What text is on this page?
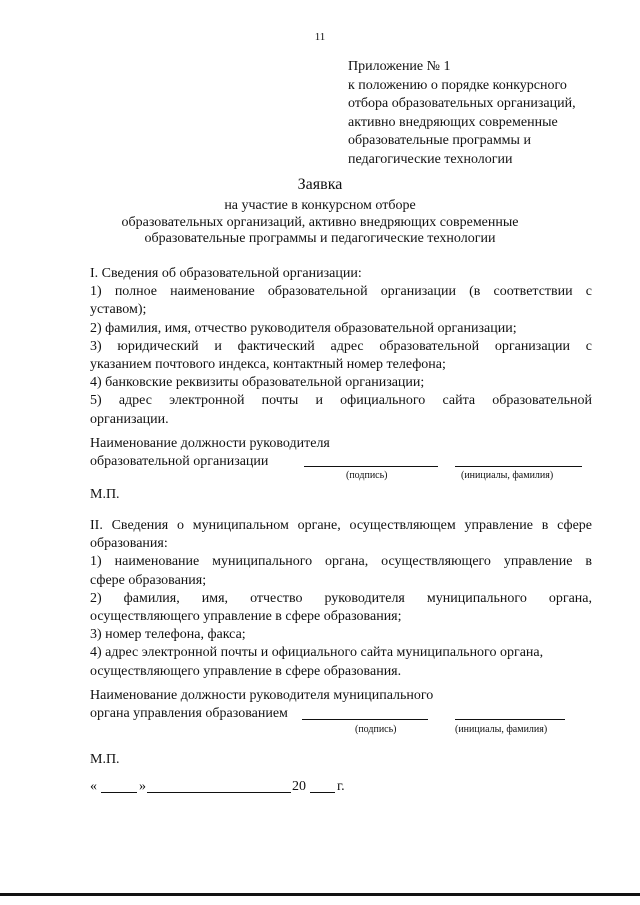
11
Приложение № 1
к положению о порядке конкурсного
отбора образовательных организаций,
активно внедряющих современные
образовательные программы и
педагогические технологии
Заявка
на участие в конкурсном отборе
образовательных организаций, активно внедряющих современные
образовательные программы и педагогические технологии
I. Сведения об образовательной организации:
1) полное наименование образовательной организации (в соответствии с
уставом);
2) фамилия, имя, отчество руководителя образовательной организации;
3) юридический и фактический адрес образовательной организации с
указанием почтового индекса, контактный номер телефона;
4) банковские реквизиты образовательной организации;
5) адрес электронной почты и официального сайта образовательной
организации.
Наименование должности руководителя
образовательной организации
(подпись)	(инициалы, фамилия)
М.П.
II. Сведения о муниципальном органе, осуществляющем управление в сфере
образования:
1) наименование муниципального органа, осуществляющего управление в
сфере образования;
2) фамилия, имя, отчество руководителя муниципального органа,
осуществляющего управление в сфере образования;
3) номер телефона, факса;
4) адрес электронной почты и официального сайта муниципального органа,
осуществляющего управление в сфере образования.
Наименование должности руководителя муниципального
органа управления образованием
(подпись)	(инициалы, фамилия)
М.П.
«	»	20 г.
